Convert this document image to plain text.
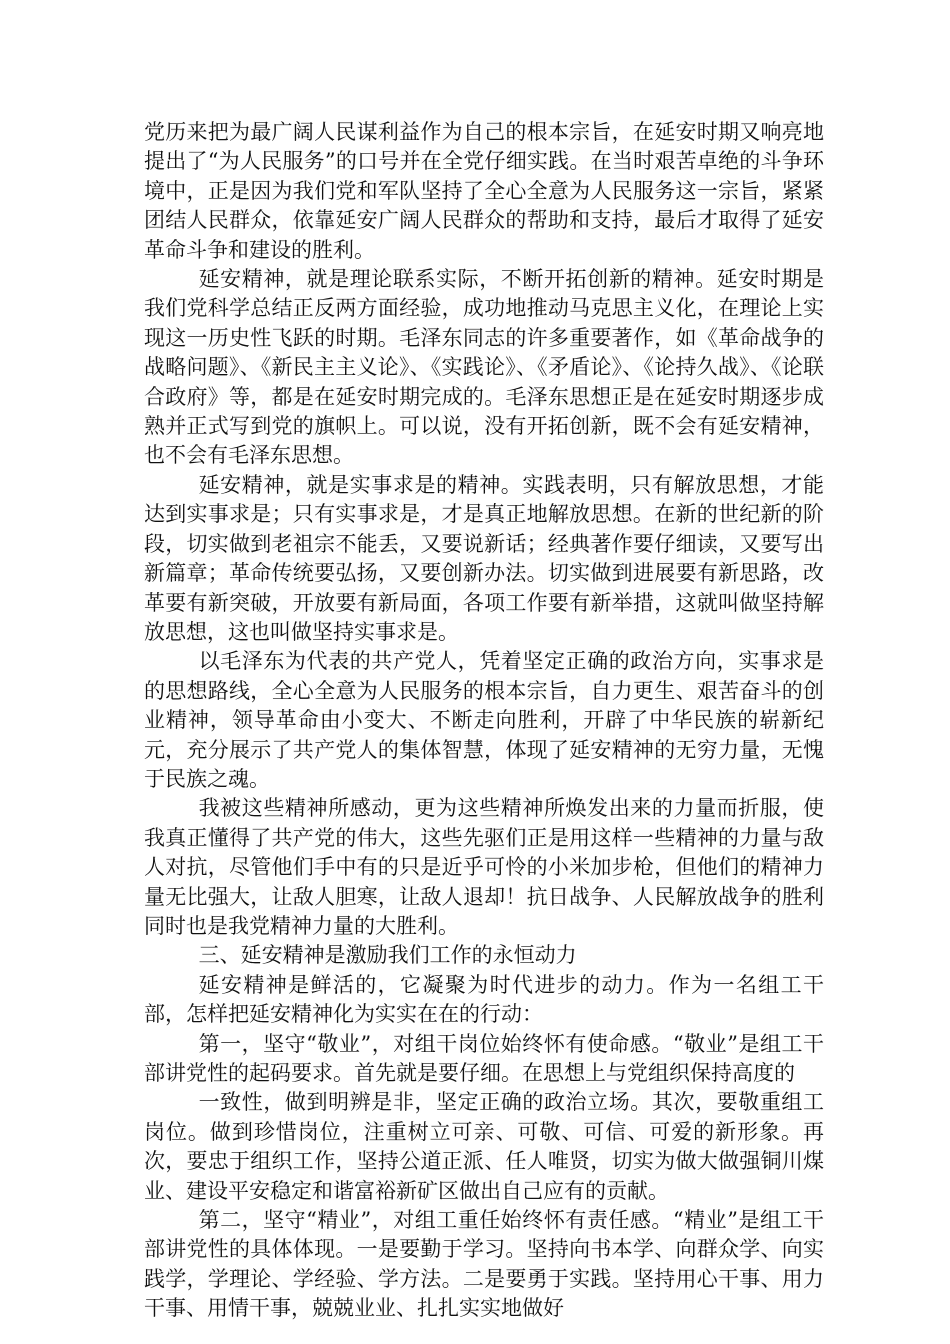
党历来把为最广阔人民谋利益作为自己的根本宗旨，在延安时期又响亮地提出了“为人民服务”的口号并在全党仔细实践。在当时艰苦卓绝的斗争环境中，正是因为我们党和军队坚持了全心全意为人民服务这一宗旨，紧紧团结人民群众，依靠延安广阔人民群众的帮助和支持，最后才取得了延安革命斗争和建设的胜利。

延安精神，就是理论联系实际，不断开拓创新的精神。延安时期是我们党科学总结正反两方面经验，成功地推动马克思主义化，在理论上实现这一历史性飞跃的时期。毛泽东同志的许多重要著作，如《革命战争的战略问题》、《新民主主义论》、《实践论》、《矛盾论》、《论持久战》、《论联合政府》等，都是在延安时期完成的。毛泽东思想正是在延安时期逐步成熟并正式写到党的旗帜上。可以说，没有开拓创新，既不会有延安精神，也不会有毛泽东思想。

延安精神，就是实事求是的精神。实践表明，只有解放思想，才能达到实事求是；只有实事求是，才是真正地解放思想。在新的世纪新的阶段，切实做到老祖宗不能丢，又要说新话；经典著作要仔细读，又要写出新篇章；革命传统要弘扬，又要创新办法。切实做到进展要有新思路，改革要有新突破，开放要有新局面，各项工作要有新举措，这就叫做坚持解放思想，这也叫做坚持实事求是。

以毛泽东为代表的共产党人，凭着坚定正确的政治方向，实事求是的思想路线，全心全意为人民服务的根本宗旨，自力更生、艰苦奋斗的创业精神，领导革命由小变大、不断走向胜利，开辟了中华民族的崭新纪元，充分展示了共产党人的集体智慧，体现了延安精神的无穷力量，无愧于民族之魂。

我被这些精神所感动，更为这些精神所焕发出来的力量而折服，使我真正懂得了共产党的伟大，这些先驱们正是用这样一些精神的力量与敌人对抗，尽管他们手中有的只是近乎可怜的小米加步枪，但他们的精神力量无比强大，让敌人胆寒，让敌人退却！抗日战争、人民解放战争的胜利同时也是我党精神力量的大胜利。

三、延安精神是激励我们工作的永恒动力

延安精神是鲜活的，它凝聚为时代进步的动力。作为一名组工干部，怎样把延安精神化为实实在在的行动：

第一，坚守“敬业”，对组干岗位始终怀有使命感。“敬业”是组工干部讲党性的起码要求。首先就是要仔细。在思想上与党组织保持高度的

一致性，做到明辨是非，坚定正确的政治立场。其次，要敬重组工岗位。做到珍惜岗位，注重树立可亲、可敬、可信、可爱的新形象。再次，要忠于组织工作，坚持公道正派、任人唯贤，切实为做大做强铜川煤业、建设平安稳定和谐富裕新矿区做出自己应有的贡献。

第二，坚守“精业”，对组工重任始终怀有责任感。“精业”是组工干部讲党性的具体体现。一是要勤于学习。坚持向书本学、向群众学、向实践学，学理论、学经验、学方法。二是要勇于实践。坚持用心干事、用力干事、用情干事，兢兢业业、扎扎实实地做好
